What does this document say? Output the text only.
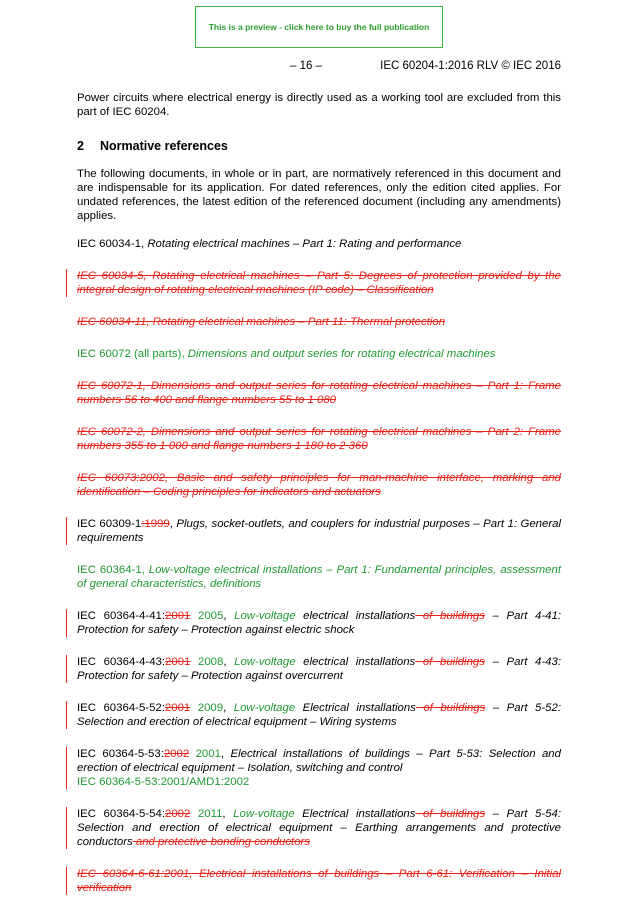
This is a preview - click here to buy the full publication
– 16 –	IEC 60204-1:2016 RLV © IEC 2016

Power circuits where electrical energy is directly used as a working tool are excluded from this part of IEC 60204.

2 Normative references

The following documents, in whole or in part, are normatively referenced in this document and are indispensable for its application. For dated references, only the edition cited applies. For undated references, the latest edition of the referenced document (including any amendments) applies.

IEC 60034-1, Rotating electrical machines – Part 1: Rating and performance

IEC 60034-5, Rotating electrical machines – Part 5: Degrees of protection provided by the integral design of rotating electrical machines (IP code) – Classification

IEC 60034-11, Rotating electrical machines – Part 11: Thermal protection

IEC 60072 (all parts), Dimensions and output series for rotating electrical machines

IEC 60072-1, Dimensions and output series for rotating electrical machines – Part 1: Frame numbers 56 to 400 and flange numbers 55 to 1 080

IEC 60072-2, Dimensions and output series for rotating electrical machines – Part 2: Frame numbers 355 to 1 000 and flange numbers 1 180 to 2 360

IEC 60073:2002, Basic and safety principles for man-machine interface, marking and identification – Coding principles for indicators and actuators

IEC 60309-1:1999, Plugs, socket-outlets, and couplers for industrial purposes – Part 1: General requirements

IEC 60364-1, Low-voltage electrical installations – Part 1: Fundamental principles, assessment of general characteristics, definitions

IEC 60364-4-41:2001 2005, Low-voltage electrical installations of buildings – Part 4-41: Protection for safety – Protection against electric shock

IEC 60364-4-43:2001 2008, Low-voltage electrical installations of buildings – Part 4-43: Protection for safety – Protection against overcurrent

IEC 60364-5-52:2001 2009, Low-voltage Electrical installations of buildings – Part 5-52: Selection and erection of electrical equipment – Wiring systems

IEC 60364-5-53:2002 2001, Electrical installations of buildings – Part 5-53: Selection and erection of electrical equipment – Isolation, switching and control
IEC 60364-5-53:2001/AMD1:2002

IEC 60364-5-54:2002 2011, Low-voltage Electrical installations of buildings – Part 5-54: Selection and erection of electrical equipment – Earthing arrangements and protective conductors and protective bonding conductors

IEC 60364-6-61:2001, Electrical installations of buildings – Part 6-61: Verification – Initial verification
